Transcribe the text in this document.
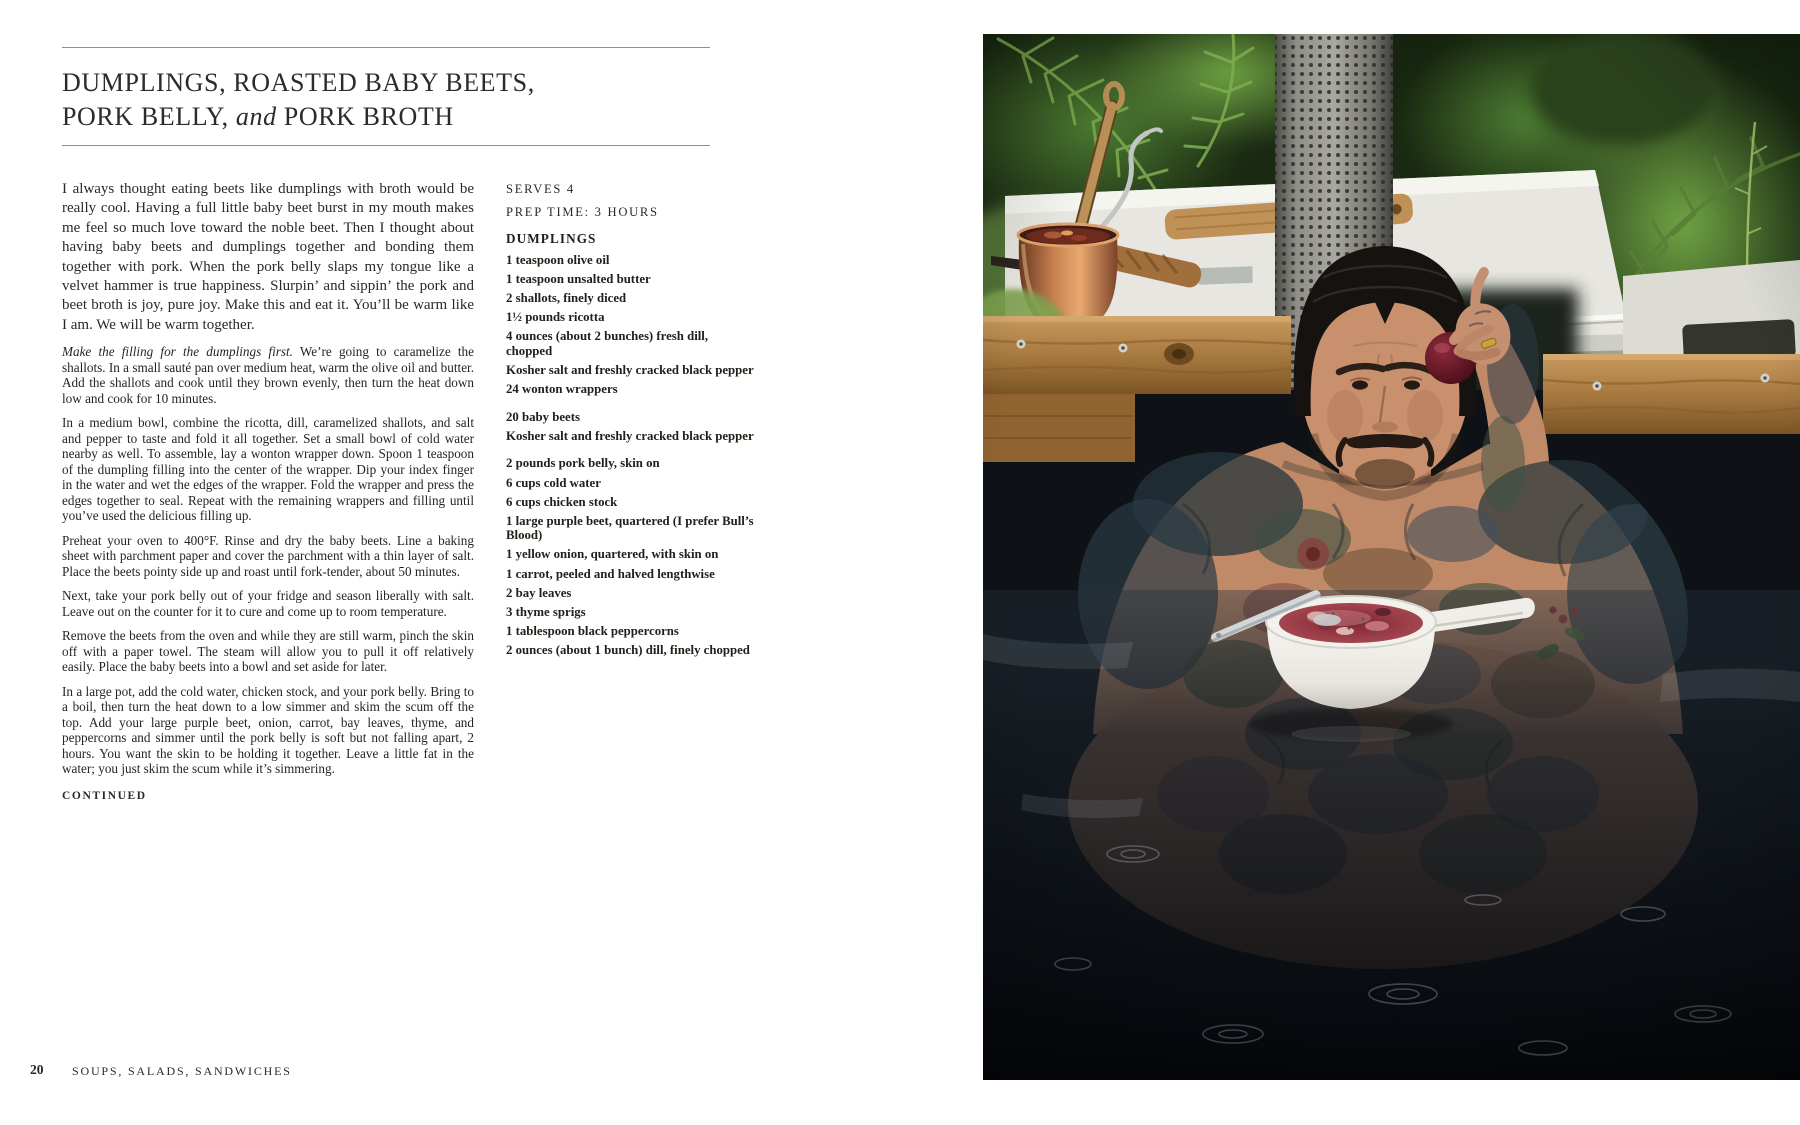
DUMPLINGS, ROASTED BABY BEETS,
PORK BELLY, and PORK BROTH

I always thought eating beets like dumplings with broth would be really cool. Having a full little baby beet burst in my mouth makes me feel so much love toward the noble beet. Then I thought about having baby beets and dumplings together and bonding them together with pork. When the pork belly slaps my tongue like a velvet hammer is true happiness. Slurpin’ and sippin’ the pork and beet broth is joy, pure joy. Make this and eat it. You’ll be warm like I am. We will be warm together.

Make the filling for the dumplings first. We’re going to caramelize the shallots. In a small sauté pan over medium heat, warm the olive oil and butter. Add the shallots and cook until they brown evenly, then turn the heat down low and cook for 10 minutes.

In a medium bowl, combine the ricotta, dill, caramelized shallots, and salt and pepper to taste and fold it all together. Set a small bowl of cold water nearby as well. To assemble, lay a wonton wrapper down. Spoon 1 teaspoon of the dumpling filling into the center of the wrapper. Dip your index finger in the water and wet the edges of the wrapper. Fold the wrapper and press the edges together to seal. Repeat with the remaining wrappers and filling until you’ve used the delicious filling up.

Preheat your oven to 400°F. Rinse and dry the baby beets. Line a baking sheet with parchment paper and cover the parchment with a thin layer of salt. Place the beets pointy side up and roast until fork-tender, about 50 minutes.

Next, take your pork belly out of your fridge and season liberally with salt. Leave out on the counter for it to cure and come up to room temperature.

Remove the beets from the oven and while they are still warm, pinch the skin off with a paper towel. The steam will allow you to pull it off relatively easily. Place the baby beets into a bowl and set aside for later.

In a large pot, add the cold water, chicken stock, and your pork belly. Bring to a boil, then turn the heat down to a low simmer and skim the scum off the top. Add your large purple beet, onion, carrot, bay leaves, thyme, and peppercorns and simmer until the pork belly is soft but not falling apart, 2 hours. You want the skin to be holding it together. Leave a little fat in the water; you just skim the scum while it’s simmering.

CONTINUED

SERVES 4

PREP TIME: 3 HOURS

DUMPLINGS

1 teaspoon olive oil

1 teaspoon unsalted butter

2 shallots, finely diced

1½ pounds ricotta

4 ounces (about 2 bunches) fresh dill, chopped

Kosher salt and freshly cracked black pepper

24 wonton wrappers

20 baby beets

Kosher salt and freshly cracked black pepper

2 pounds pork belly, skin on

6 cups cold water

6 cups chicken stock

1 large purple beet, quartered (I prefer Bull’s Blood)

1 yellow onion, quartered, with skin on

1 carrot, peeled and halved lengthwise

2 bay leaves

3 thyme sprigs

1 tablespoon black peppercorns

2 ounces (about 1 bunch) dill, finely chopped

20 SOUPS, SALADS, SANDWICHES
